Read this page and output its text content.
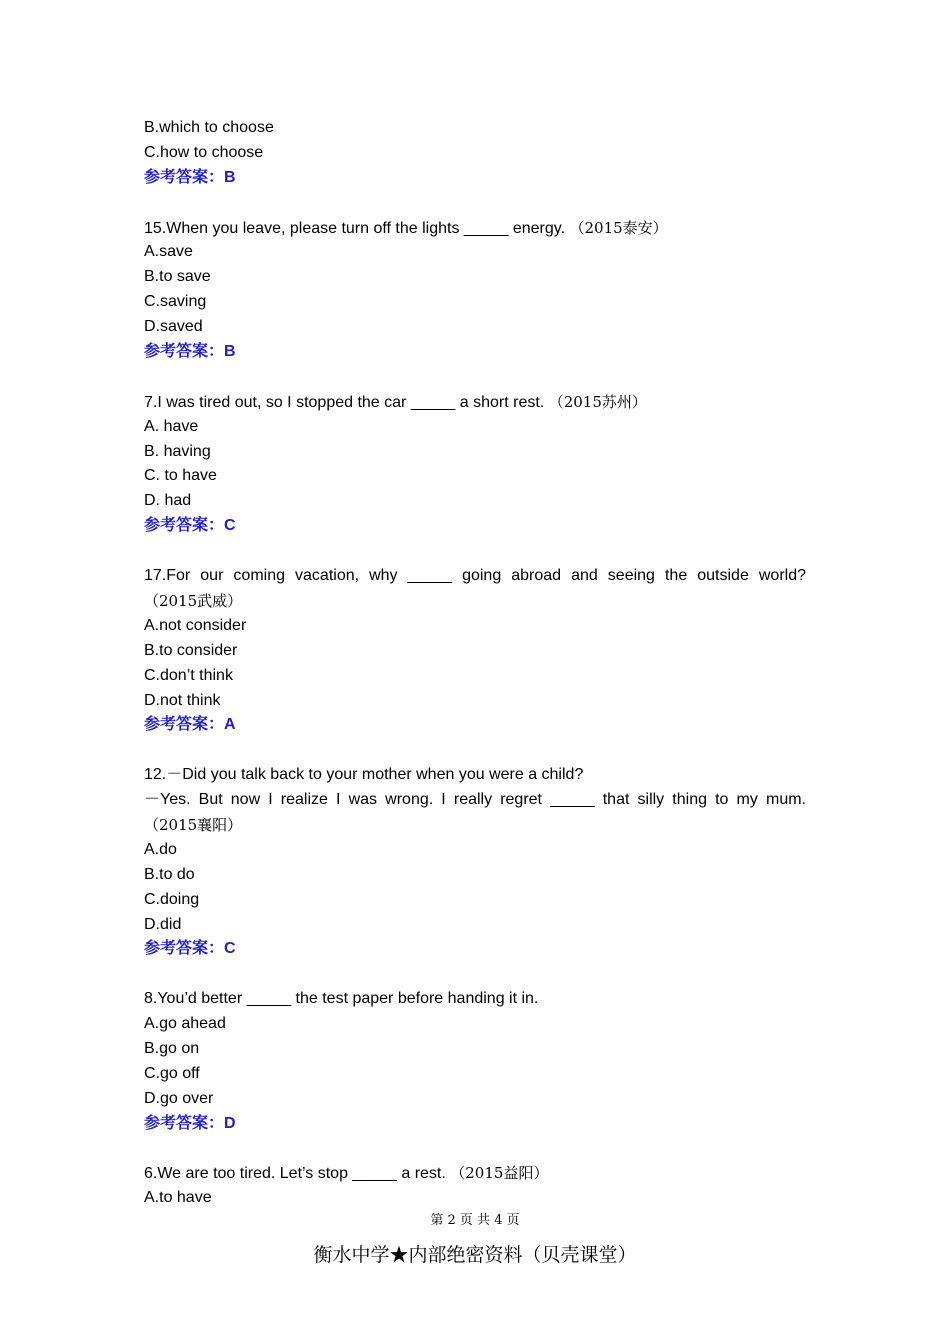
B.which to choose
C.how to choose
参考答案：B
15.When you leave, please turn off the lights _____ energy. （2015泰安）
A.save
B.to save
C.saving
D.saved
参考答案：B
7.I was tired out, so I stopped the car _____ a short rest. （2015苏州）
A. have
B. having
C. to have
D. had
参考答案：C
17.For our coming vacation, why _____ going abroad and seeing the outside world?
（2015武威）
A.not consider
B.to consider
C.don’t think
D.not think
参考答案：A
12.－Did you talk back to your mother when you were a child?
－Yes. But now I realize I was wrong. I really regret _____ that silly thing to my mum.
（2015襄阳）
A.do
B.to do
C.doing
D.did
参考答案：C
8.You’d better _____ the test paper before handing it in.
A.go ahead
B.go on
C.go off
D.go over
参考答案：D
6.We are too tired. Let’s stop _____ a rest. （2015益阳）
A.to have
第 2 页 共 4 页
衡水中学★内部绝密资料（贝壳课堂）
